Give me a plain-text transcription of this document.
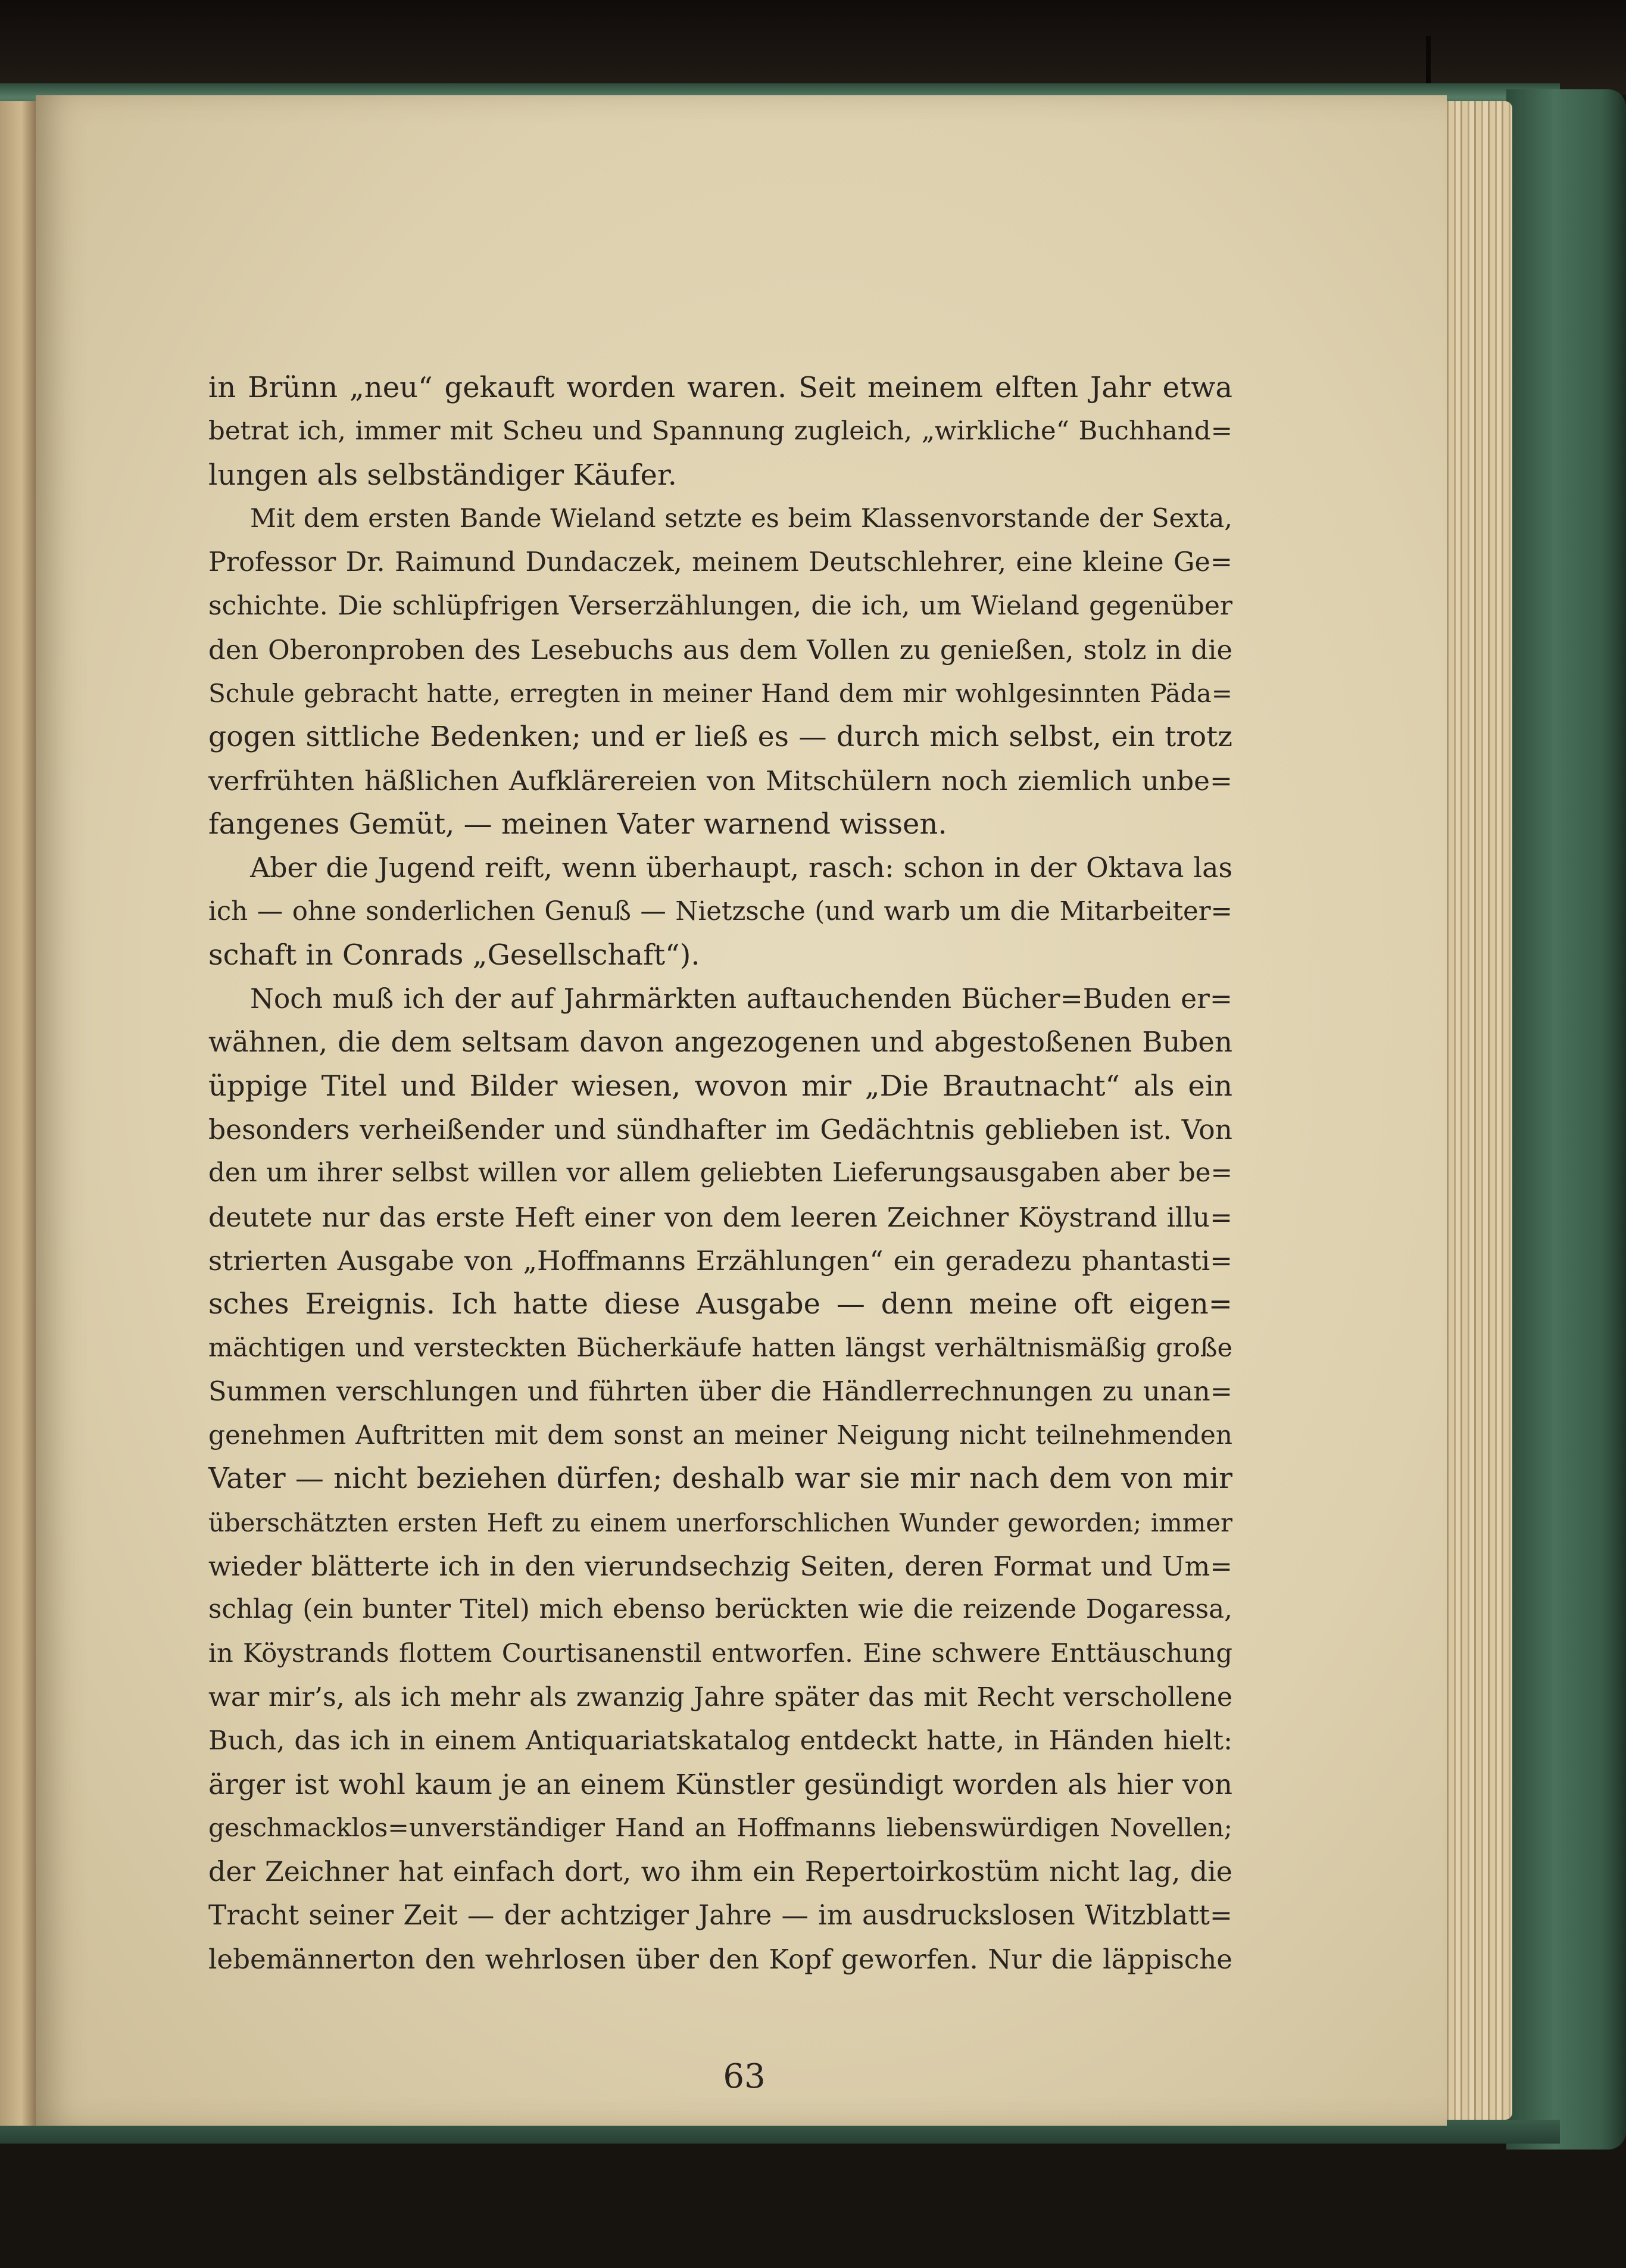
in Brünn „neu“ gekauft worden waren. Seit meinem elften Jahr etwa
betrat ich, immer mit Scheu und Spannung zugleich, „wirkliche“ Buchhand=
lungen als selbständiger Käufer.
Mit dem ersten Bande Wieland setzte es beim Klassenvorstande der Sexta,
Professor Dr. Raimund Dundaczek, meinem Deutschlehrer, eine kleine Ge=
schichte. Die schlüpfrigen Verserzählungen, die ich, um Wieland gegenüber
den Oberonproben des Lesebuchs aus dem Vollen zu genießen, stolz in die
Schule gebracht hatte, erregten in meiner Hand dem mir wohlgesinnten Päda=
gogen sittliche Bedenken; und er ließ es — durch mich selbst, ein trotz
verfrühten häßlichen Aufklärereien von Mitschülern noch ziemlich unbe=
fangenes Gemüt, — meinen Vater warnend wissen.
Aber die Jugend reift, wenn überhaupt, rasch: schon in der Oktava las
ich — ohne sonderlichen Genuß — Nietzsche (und warb um die Mitarbeiter=
schaft in Conrads „Gesellschaft“).
Noch muß ich der auf Jahrmärkten auftauchenden Bücher=Buden er=
wähnen, die dem seltsam davon angezogenen und abgestoßenen Buben
üppige Titel und Bilder wiesen, wovon mir „Die Brautnacht“ als ein
besonders verheißender und sündhafter im Gedächtnis geblieben ist. Von
den um ihrer selbst willen vor allem geliebten Lieferungsausgaben aber be=
deutete nur das erste Heft einer von dem leeren Zeichner Köystrand illu=
strierten Ausgabe von „Hoffmanns Erzählungen“ ein geradezu phantasti=
sches Ereignis. Ich hatte diese Ausgabe — denn meine oft eigen=
mächtigen und versteckten Bücherkäufe hatten längst verhältnismäßig große
Summen verschlungen und führten über die Händlerrechnungen zu unan=
genehmen Auftritten mit dem sonst an meiner Neigung nicht teilnehmenden
Vater — nicht beziehen dürfen; deshalb war sie mir nach dem von mir
überschätzten ersten Heft zu einem unerforschlichen Wunder geworden; immer
wieder blätterte ich in den vierundsechzig Seiten, deren Format und Um=
schlag (ein bunter Titel) mich ebenso berückten wie die reizende Dogaressa,
in Köystrands flottem Courtisanenstil entworfen. Eine schwere Enttäuschung
war mir’s, als ich mehr als zwanzig Jahre später das mit Recht verschollene
Buch, das ich in einem Antiquariatskatalog entdeckt hatte, in Händen hielt:
ärger ist wohl kaum je an einem Künstler gesündigt worden als hier von
geschmacklos=unverständiger Hand an Hoffmanns liebenswürdigen Novellen;
der Zeichner hat einfach dort, wo ihm ein Repertoirkostüm nicht lag, die
Tracht seiner Zeit — der achtziger Jahre — im ausdruckslosen Witzblatt=
lebemännerton den wehrlosen über den Kopf geworfen. Nur die läppische
63
